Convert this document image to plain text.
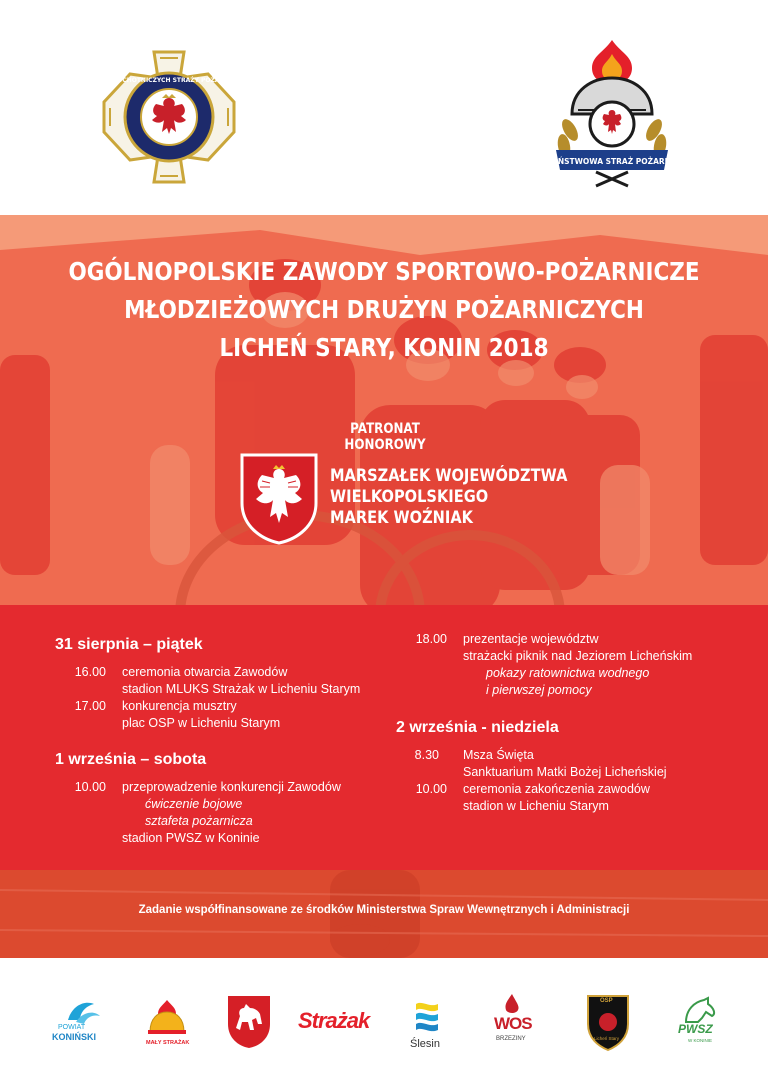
ZWIĄZEK OCHOTNICZYCH STRAŻY POŻARNYCH RP
PAŃSTWOWA STRAŻ POŻARNA
OGÓLNOPOLSKIE ZAWODY SPORTOWO-POŻARNICZE
MŁODZIEŻOWYCH DRUŻYN POŻARNICZYCH
LICHEŃ STARY, KONIN 2018
PATRONAT HONOROWY
MARSZAŁEK WOJEWÓDZTWA
WIELKOPOLSKIEGO
MAREK WOŹNIAK
31 sierpnia – piątek
16.00 ceremonia otwarcia Zawodów
stadion MLUKS Strażak w Licheniu Starym
17.00 konkurencja musztry
plac OSP w Licheniu Starym
1 września – sobota
10.00 przeprowadzenie konkurencji Zawodów
ćwiczenie bojowe
sztafeta pożarnicza
stadion PWSZ w Koninie
18.00 prezentacje województw
strażacki piknik nad Jeziorem Licheńskim
pokazy ratownictwa wodnego
i pierwszej pomocy
2 września - niedziela
8.30 Msza Święta
Sanktuarium Matki Bożej Licheńskiej
10.00 ceremonia zakończenia zawodów
stadion w Licheniu Starym
Zadanie współfinansowane ze środków Ministerstwa Spraw Wewnętrznych i Administracji
POWIAT
KONIŃSKI
MAŁY STRAŻAK
Strażak
Ślesin
WOS
BRZEZINY
OSP
Licheń Stary
PWSZ
W KONINIE
